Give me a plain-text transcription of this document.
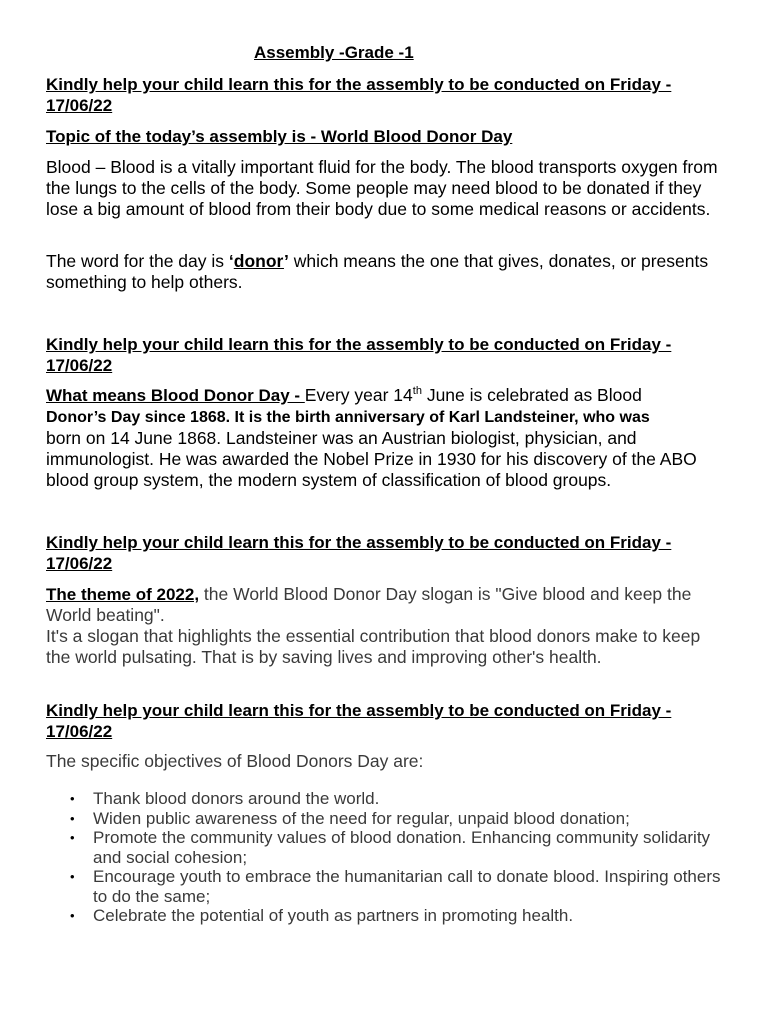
Assembly -Grade -1
Kindly help your child learn this for the assembly to be conducted on Friday - 17/06/22
Topic of the today’s assembly is - World Blood Donor Day
Blood – Blood is a vitally important fluid for the body. The blood transports oxygen from the lungs to the cells of the body. Some people may need blood to be donated if they lose a big amount of blood from their body due to some medical reasons or accidents.
The word for the day is ‘donor’ which means the one that gives, donates, or presents something to help others.
Kindly help your child learn this for the assembly to be conducted on Friday - 17/06/22
What means Blood Donor Day - Every year 14th June is celebrated as Blood
Donor’s Day since 1868. It is the birth anniversary of Karl Landsteiner, who was
born on 14 June 1868. Landsteiner was an Austrian biologist, physician, and immunologist. He was awarded the Nobel Prize in 1930 for his discovery of the ABO blood group system, the modern system of classification of blood groups.
Kindly help your child learn this for the assembly to be conducted on Friday - 17/06/22
The theme of 2022, the World Blood Donor Day slogan is "Give blood and keep the World beating".
It's a slogan that highlights the essential contribution that blood donors make to keep the world pulsating. That is by saving lives and improving other's health.
Kindly help your child learn this for the assembly to be conducted on Friday - 17/06/22
The specific objectives of Blood Donors Day are:
• Thank blood donors around the world.
• Widen public awareness of the need for regular, unpaid blood donation;
• Promote the community values of blood donation. Enhancing community solidarity and social cohesion;
• Encourage youth to embrace the humanitarian call to donate blood. Inspiring others to do the same;
• Celebrate the potential of youth as partners in promoting health.
